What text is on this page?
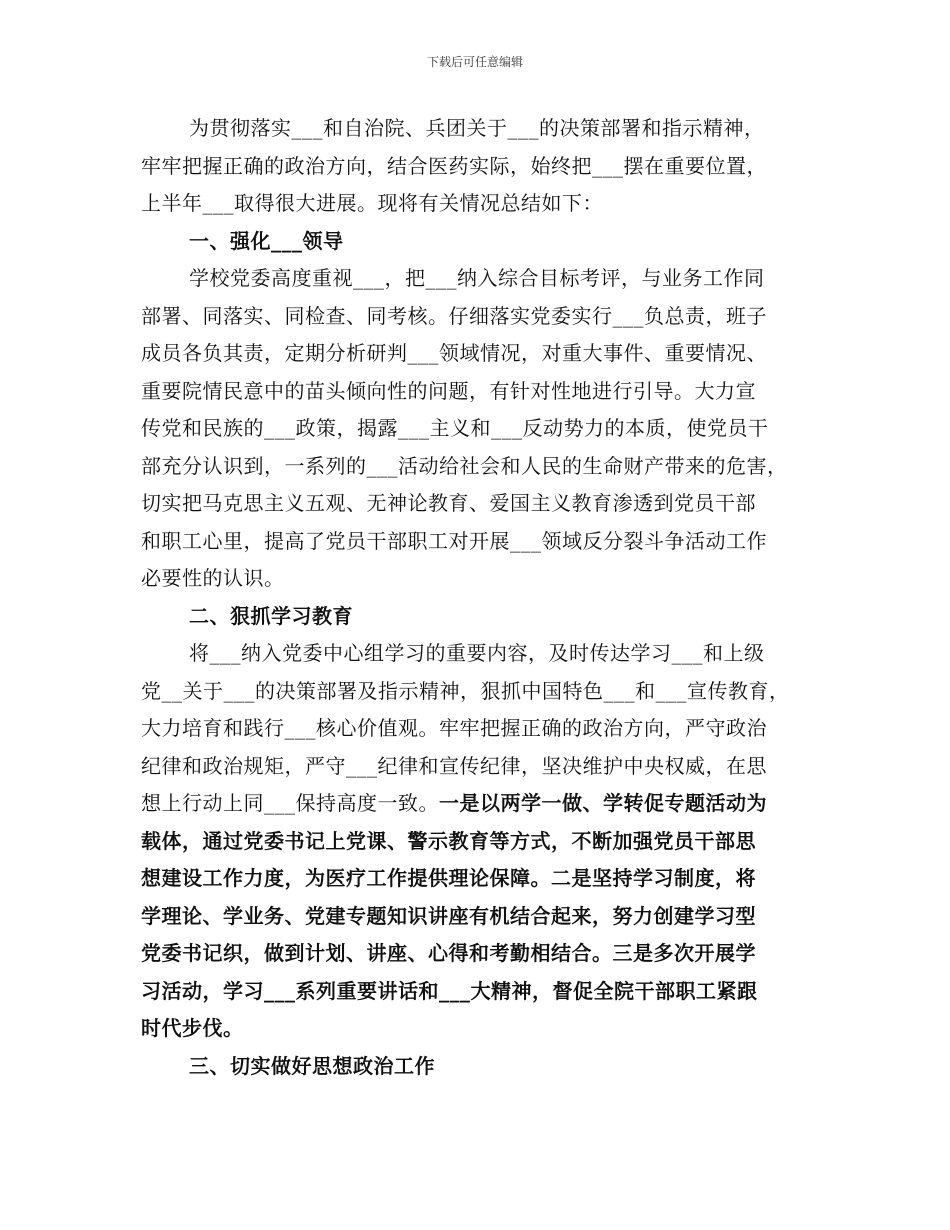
下载后可任意编辑
为贯彻落实___和自治院、兵团关于___的决策部署和指示精神，
牢牢把握正确的政治方向，结合医药实际，始终把___摆在重要位置，
上半年___取得很大进展。现将有关情况总结如下：
一、强化___领导
学校党委高度重视___，把___纳入综合目标考评，与业务工作同
部署、同落实、同检查、同考核。仔细落实党委实行___负总责，班子
成员各负其责，定期分析研判___领域情况，对重大事件、重要情况、
重要院情民意中的苗头倾向性的问题，有针对性地进行引导。大力宣
传党和民族的___政策，揭露___主义和___反动势力的本质，使党员干
部充分认识到，一系列的___活动给社会和人民的生命财产带来的危害，
切实把马克思主义五观、无神论教育、爱国主义教育渗透到党员干部
和职工心里，提高了党员干部职工对开展___领域反分裂斗争活动工作
必要性的认识。
二、狠抓学习教育
将___纳入党委中心组学习的重要内容，及时传达学习___和上级
党__关于___的决策部署及指示精神，狠抓中国特色___和___宣传教育，
大力培育和践行___核心价值观。牢牢把握正确的政治方向，严守政治
纪律和政治规矩，严守___纪律和宣传纪律，坚决维护中央权威，在思
想上行动上同___保持高度一致。一是以两学一做、学转促专题活动为
载体，通过党委书记上党课、警示教育等方式，不断加强党员干部思
想建设工作力度，为医疗工作提供理论保障。二是坚持学习制度，将
学理论、学业务、党建专题知识讲座有机结合起来，努力创建学习型
党委书记织，做到计划、讲座、心得和考勤相结合。三是多次开展学
习活动，学习___系列重要讲话和___大精神，督促全院干部职工紧跟
时代步伐。
三、切实做好思想政治工作
